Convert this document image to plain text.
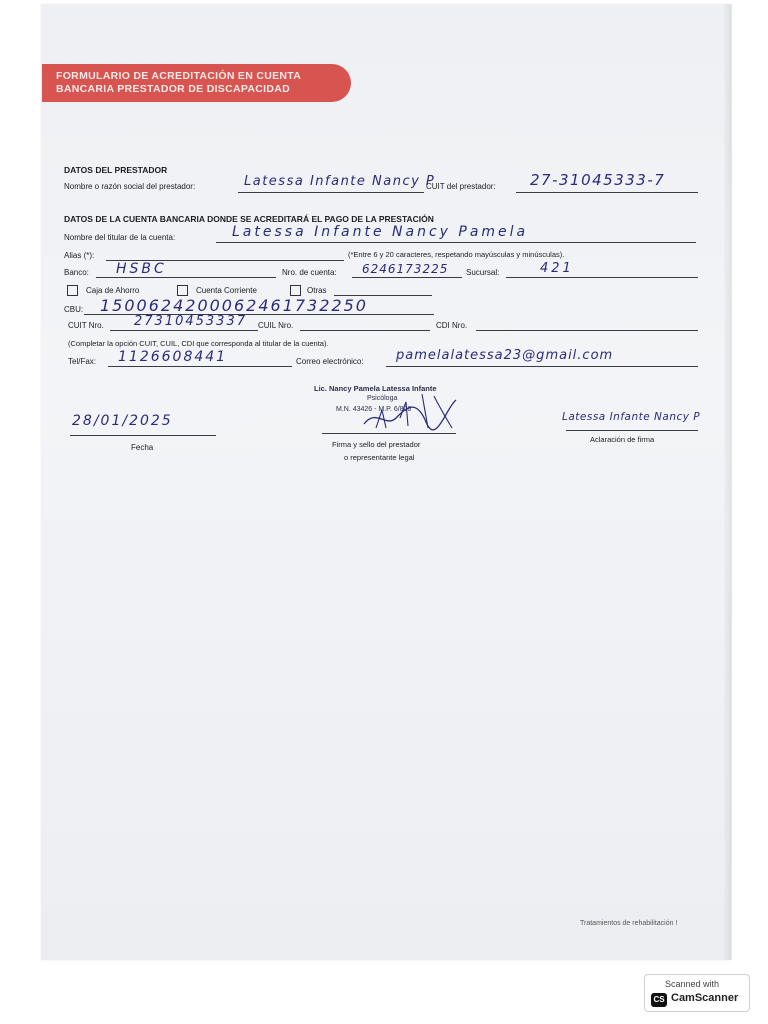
FORMULARIO DE ACREDITACIÓN EN CUENTA
BANCARIA PRESTADOR DE DISCAPACIDAD
DATOS DEL PRESTADOR
Nombre o razón social del prestador:	Latessa Infante Nancy P
CUIT del prestador: 27-31045333-7
DATOS DE LA CUENTA BANCARIA DONDE SE ACREDITARÁ EL PAGO DE LA PRESTACIÓN
Nombre del titular de la cuenta:	Latessa Infante Nancy Pamela
Alias (*):	(*Entre 6 y 20 caracteres, respetando mayúsculas y minúsculas).
Banco: HSBC	Nro. de cuenta: 6246173225 Sucursal:	421
Caja de Ahorro	Cuenta Corriente	Otras
CBU: 1500624200062461732250
CUIT Nro. 27310453337 CUIL Nro.	CDI Nro.
(Completar la opción CUIT, CUIL, CDI que corresponda al titular de la cuenta).
Tel/Fax: 1126608441	Correo electrónico: pamelalatessa23@gmail.com
Lic. Nancy Pamela Latessa Infante
Psicóloga
M.N. 43426 - M.P. 6/808
Firma y sello del prestador
o representante legal
28/01/2025
Fecha
Latessa Infante Nancy P
Aclaración de firma
Tratamientos de rehabilitación !
Scanned with
CS CamScanner
